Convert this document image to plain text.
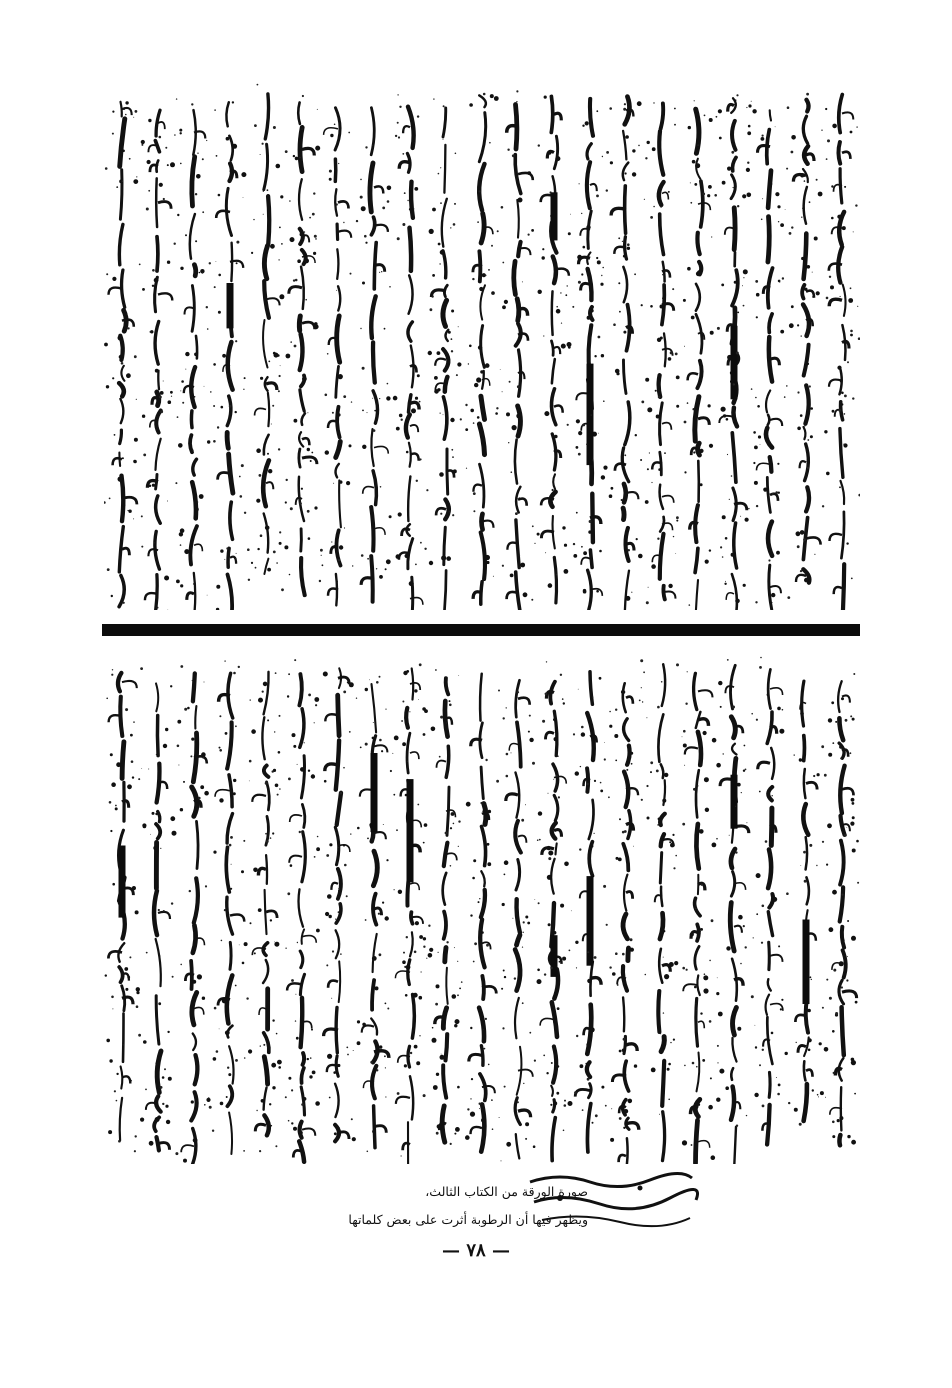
صورة الورقة من الكتاب الثالث،
ويظهر فيها أن الرطوبة أثرت على بعض كلماتها
— ٧٨ —
